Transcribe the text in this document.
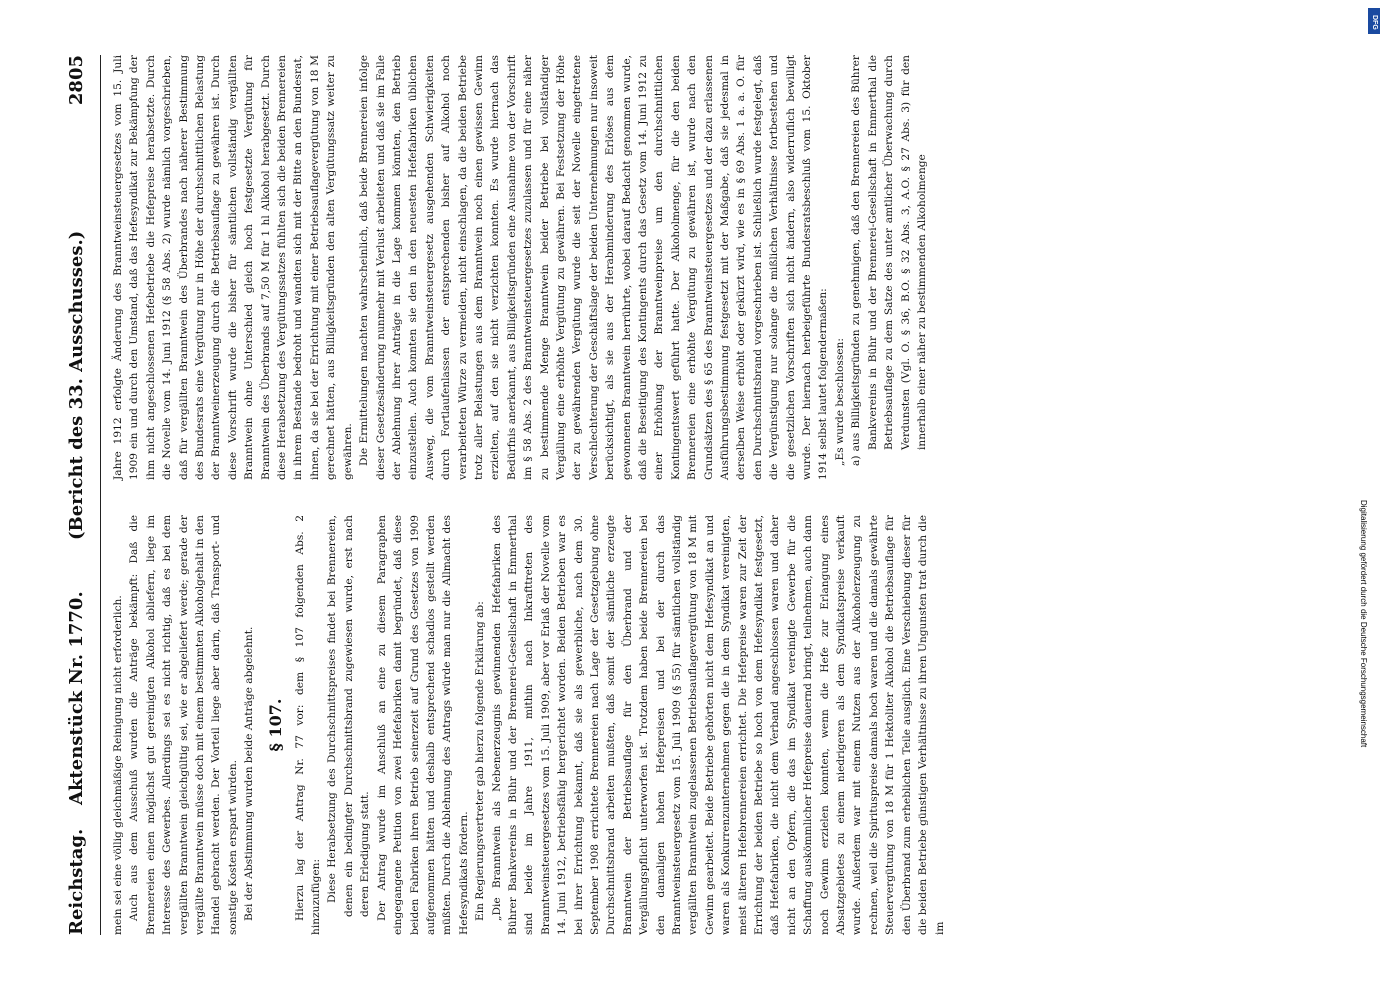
Reichstag.
Aktenstück Nr. 1770.
(Bericht des 33. Ausschusses.)
2805

mein sei eine völlig gleichmäßige Reinigung nicht erforderlich. Auch aus dem Ausschuß wurden die Anträge bekämpft: Daß die Brennereien einen möglichst gut gereinigten Alkohol abliefern, liege im Interesse des Gewerbes. Allerdings sei es nicht richtig, daß es bei dem vergällten Branntwein gleichgültig sei, wie er abgeliefert werde; gerade der vergällte Branntwein müsse doch mit einem bestimmten Alkoholgehalt in den Handel gebracht werden. Der Vorteil liege aber darin, daß Transport- und sonstige Kosten erspart würden. Bei der Abstimmung wurden beide Anträge abgelehnt. § 107. Hierzu lag der Antrag Nr. 77 vor: dem § 107 folgenden Abs. 2 hinzuzufügen: Diese Herabsetzung des Durchschnittspreises findet bei Brennereien, denen ein bedingter Durchschnittsbrand zugewiesen wurde, erst nach deren Erledigung statt. Der Antrag wurde im Anschluß an eine zu diesem Paragraphen eingegangene Petition von zwei Hefefabriken damit begründet, daß diese beiden Fabriken ihren Betrieb seinerzeit auf Grund des Gesetzes von 1909 aufgenommen hätten und deshalb entsprechend schadlos gestellt werden müßten. Durch die Ablehnung des Antrags würde man nur die Allmacht des Hefesyndikats fördern. Ein Regierungsvertreter gab hierzu folgende Erklärung ab: „Die Branntwein als Nebenerzeugnis gewinnenden Hefefabriken des Bührer Bankvereins in Bühr und der Brennerei-Gesellschaft in Emmerthal sind beide im Jahre 1911, mithin nach Inkrafttreten des Branntweinsteuergesetzes vom 15. Juli 1909, aber vor Erlaß der Novelle vom 14. Juni 1912, betriebsfähig hergerichtet worden. Beiden Betrieben war es bei ihrer Errichtung bekannt, daß sie als gewerbliche, nach dem 30. September 1908 errichtete Brennereien nach Lage der Gesetzgebung ohne Durchschnittsbrand arbeiten mußten, daß somit der sämtliche erzeugte Branntwein der Betriebsauflage für den Überbrand und der Vergällungspflicht unterworfen ist. Trotzdem haben beide Brennereien bei den damaligen hohen Hefepreisen und bei der durch das Branntweinsteuergesetz vom 15. Juli 1909 (§ 55) für sämtlichen vollständig vergällten Branntwein zugelassenen Betriebsauflagevergütung von 18 M mit Gewinn gearbeitet. Beide Betriebe gehörten nicht dem Hefesyndikat an und waren als Konkurrenzunternehmen gegen die in dem Syndikat vereinigten, meist älteren Hefebrennereien errichtet. Die Hefepreise waren zur Zeit der Errichtung der beiden Betriebe so hoch von dem Hefesyndikat festgesetzt, daß Hefefabriken, die nicht dem Verband angeschlossen waren und daher nicht an den Opfern, die das im Syndikat vereinigte Gewerbe für die Schaffung auskömmlicher Hefepreise dauernd bringt, teilnehmen, auch dann noch Gewinn erzielen konnten, wenn die Hefe zur Erlangung eines Absatzgebietes zu einem niedrigeren als dem Syndikatspreise verkauft wurde. Außerdem war mit einem Nutzen aus der Alkoholerzeugung zu rechnen, weil die Spirituspreise damals hoch waren und die damals gewährte Steuervergütung von 18 M für 1 Hektoliter Alkohol die Betriebsauflage für den Überbrand zum erheblichen Teile ausglich. Eine Verschiebung dieser für die beiden Betriebe günstigen Verhältnisse zu ihren Ungunsten trat durch die im

Jahre 1912 erfolgte Änderung des Branntweinsteuergesetzes vom 15. Juli 1909 ein und durch den Umstand, daß das Hefesyndikat zur Bekämpfung der ihm nicht angeschlossenen Hefebetriebe die Hefepreise herabsetzte. Durch die Novelle vom 14. Juni 1912 (§ 58 Abs. 2) wurde nämlich vorgeschrieben, daß für vergällten Branntwein des Überbrandes nach näherer Bestimmung des Bundesrats eine Vergütung nur in Höhe der durchschnittlichen Belastung der Branntweinerzeugung durch die Betriebsauflage zu gewähren ist. Durch diese Vorschrift wurde die bisher für sämtlichen vollständig vergällten Branntwein ohne Unterschied gleich hoch festgesetzte Vergütung für Branntwein des Überbrands auf 7,50 M für 1 hl Alkohol herabgesetzt. Durch diese Herabsetzung des Vergütungssatzes fühlten sich die beiden Brennereien in ihrem Bestande bedroht und wandten sich mit der Bitte an den Bundesrat, ihnen, da sie bei der Errichtung mit einer Betriebsauflagevergütung von 18 M gerechnet hätten, aus Billigkeitsgründen den alten Vergütungssatz weiter zu gewähren. Die Ermittelungen machten wahrscheinlich, daß beide Brennereien infolge dieser Gesetzesänderung nunmehr mit Verlust arbeiteten und daß sie im Falle der Ablehnung ihrer Anträge in die Lage kommen könnten, den Betrieb einzustellen. Auch konnten sie den in den neuesten Hefefabriken üblichen Ausweg, die vom Branntweinsteuergesetz ausgehenden Schwierigkeiten durch Fortlaufenlassen der entsprechenden bisher auf Alkohol noch verarbeiteten Würze zu vermeiden, nicht einschlagen, da die beiden Betriebe trotz aller Belastungen aus dem Branntwein noch einen gewissen Gewinn erzielten, auf den sie nicht verzichten konnten. Es wurde hiernach das Bedürfnis anerkannt, aus Billigkeitsgründen eine Ausnahme von der Vorschrift im § 58 Abs. 2 des Branntweinsteuergesetzes zuzulassen und für eine näher zu bestimmende Menge Branntwein beider Betriebe bei vollständiger Vergällung eine erhöhte Vergütung zu gewähren. Bei Festsetzung der Höhe der zu gewährenden Vergütung wurde die seit der Novelle eingetretene Verschlechterung der Geschäftslage der beiden Unternehmungen nur insoweit berücksichtigt, als sie aus der Herabminderung des Erlöses aus dem gewonnenen Branntwein herrührte, wobei darauf Bedacht genommen wurde, daß die Beseitigung des Kontingents durch das Gesetz vom 14. Juni 1912 zu einer Erhöhung der Branntweinpreise um den durchschnittlichen Kontingentswert geführt hatte. Der Alkoholmenge, für die den beiden Brennereien eine erhöhte Vergütung zu gewähren ist, wurde nach den Grundsätzen des § 65 des Branntweinsteuergesetzes und der dazu erlassenen Ausführungsbestimmung festgesetzt mit der Maßgabe, daß sie jedesmal in derselben Weise erhöht oder gekürzt wird, wie es in § 69 Abs. 1 a. a. O. für den Durchschnittsbrand vorgeschrieben ist. Schließlich wurde festgelegt, daß die Vergünstigung nur solange die mißlichen Verhältnisse fortbestehen und die gesetzlichen Vorschriften sich nicht ändern, also widerruflich bewilligt wurde. Der hiernach herbeigeführte Bundesratsbeschluß vom 15. Oktober 1914 selbst lautet folgendermaßen: „Es wurde beschlossen: a) aus Billigkeitsgründen zu genehmigen, daß den Brennereien des Bührer Bankvereins in Bühr und der Brennerei-Gesellschaft in Emmerthal die Betriebsauflage zu dem Satze des unter amtlicher Überwachung durch Verdunsten (Vgl. O. § 36, B.O. § 32 Abs. 3, A.O. § 27 Abs. 3) für den innerhalb einer näher zu bestimmenden Alkoholmenge

DFG
Digitalisierung gefördert durch die Deutsche Forschungsgemeinschaft
